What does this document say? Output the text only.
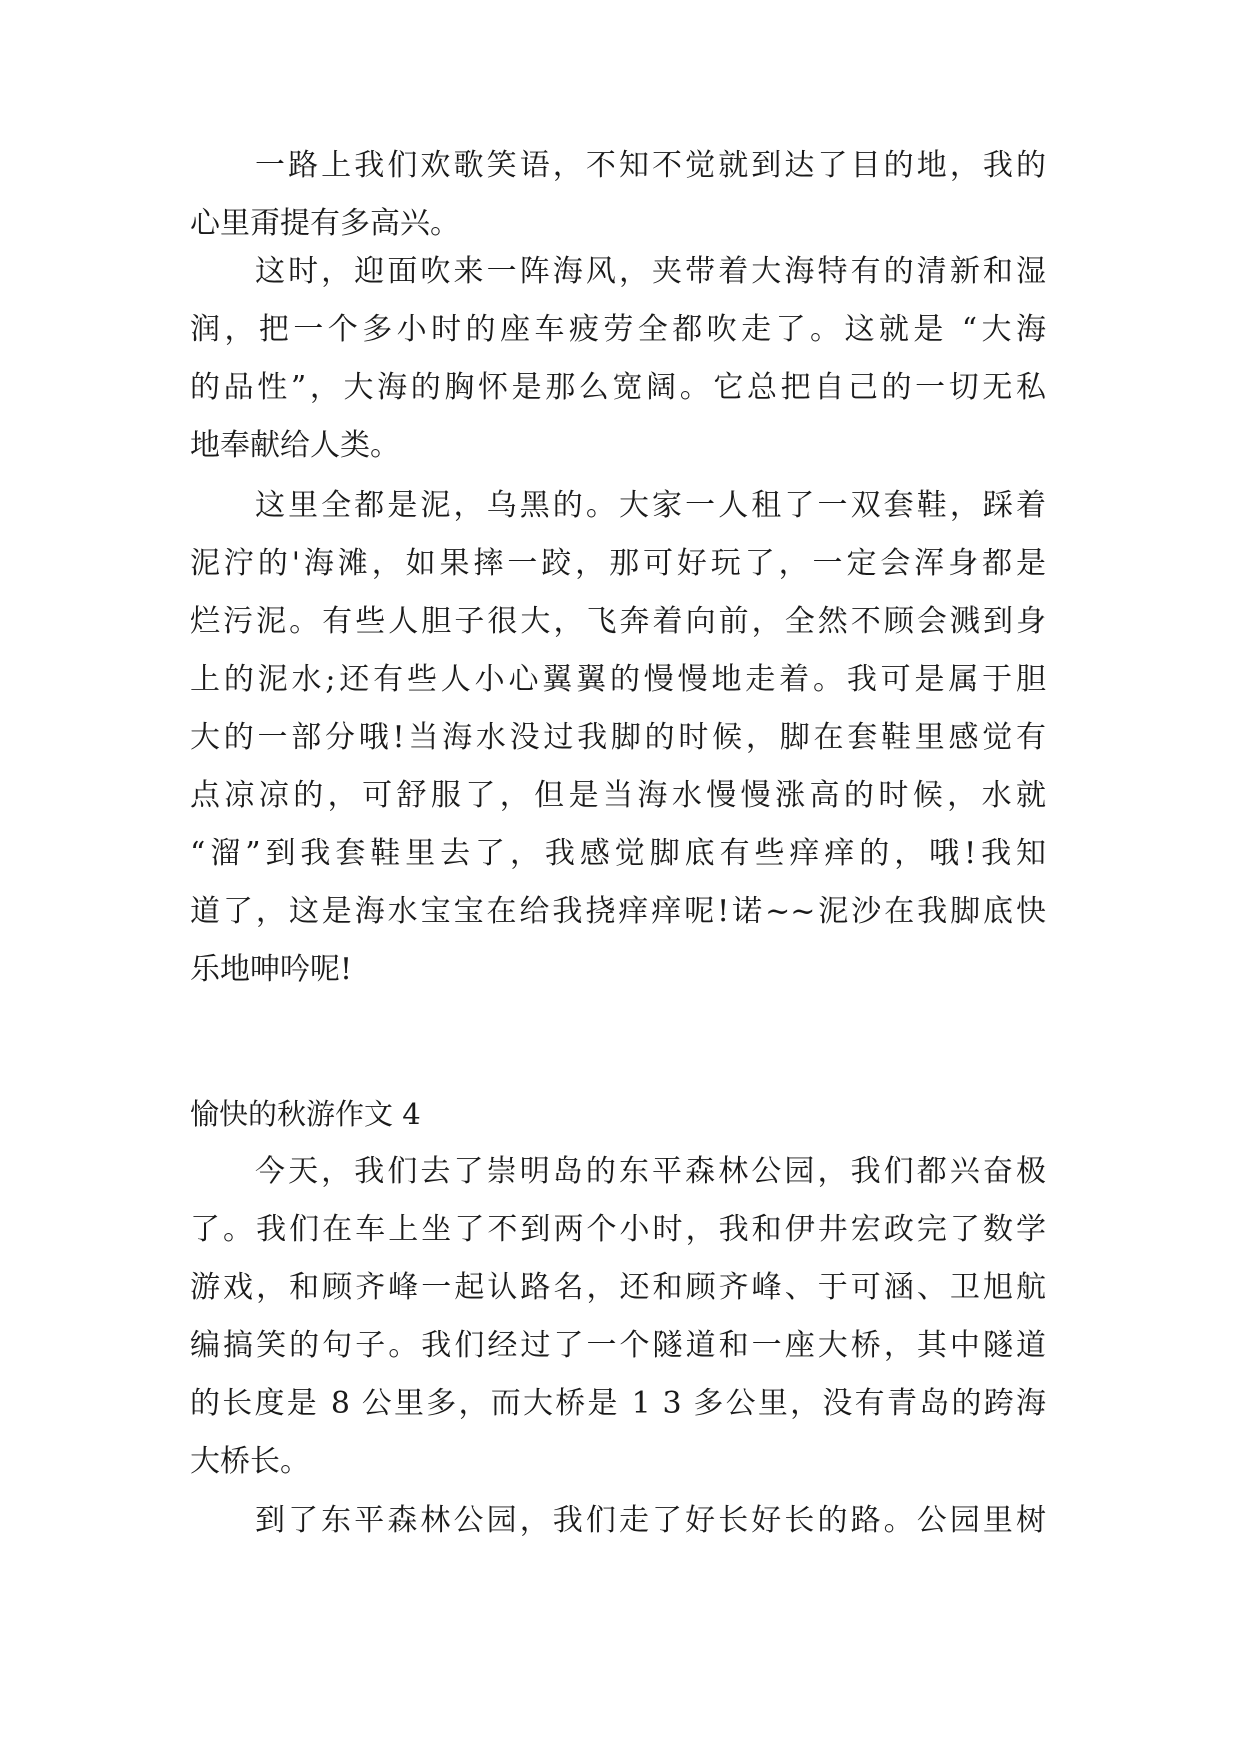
一路上我们欢歌笑语，不知不觉就到达了目的地，我的
心里甭提有多高兴。
这时，迎面吹来一阵海风，夹带着大海特有的清新和湿
润，把一个多小时的座车疲劳全都吹走了。这就是 “大海
的品性”，大海的胸怀是那么宽阔。它总把自己的一切无私
地奉献给人类。
这里全都是泥，乌黑的。大家一人租了一双套鞋，踩着
泥泞的'海滩，如果摔一跤，那可好玩了，一定会浑身都是
烂污泥。有些人胆子很大，飞奔着向前，全然不顾会溅到身
上的泥水;还有些人小心翼翼的慢慢地走着。我可是属于胆
大的一部分哦!当海水没过我脚的时候，脚在套鞋里感觉有
点凉凉的，可舒服了，但是当海水慢慢涨高的时候，水就
“溜”到我套鞋里去了，我感觉脚底有些痒痒的，哦!我知
道了，这是海水宝宝在给我挠痒痒呢!诺~~泥沙在我脚底快
乐地呻吟呢!
愉快的秋游作文 4
今天，我们去了崇明岛的东平森林公园，我们都兴奋极
了。我们在车上坐了不到两个小时，我和伊井宏政完了数学
游戏，和顾齐峰一起认路名，还和顾齐峰、于可涵、卫旭航
编搞笑的句子。我们经过了一个隧道和一座大桥，其中隧道
的长度是 8 公里多，而大桥是 1 3 多公里，没有青岛的跨海
大桥长。
到了东平森林公园，我们走了好长好长的路。公园里树
